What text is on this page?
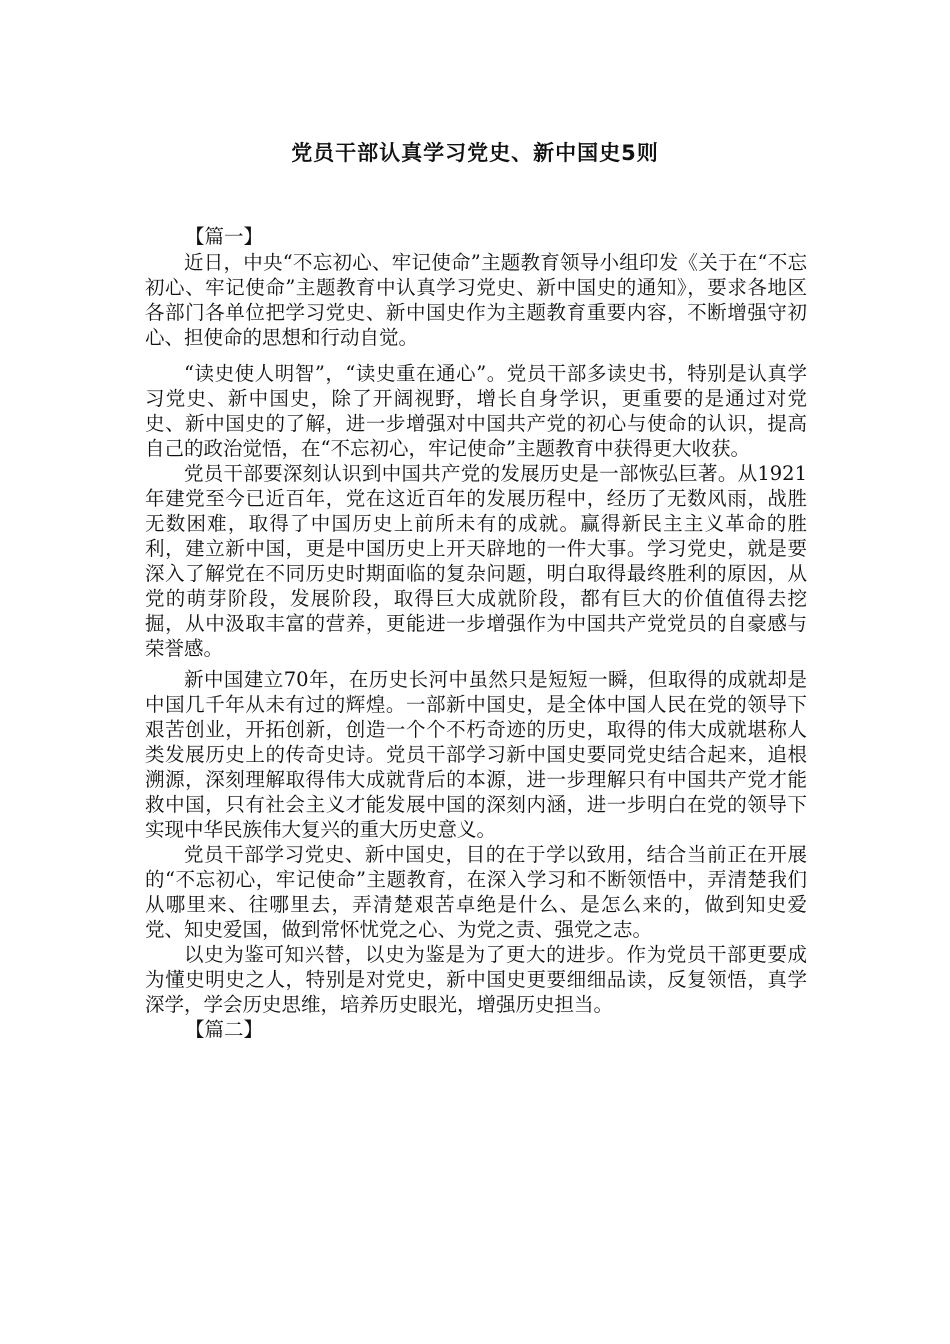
党员干部认真学习党史、新中国史5则
【篇一】

近日，中央“不忘初心、牢记使命”主题教育领导小组印发《关于在“不忘初心、牢记使命”主题教育中认真学习党史、新中国史的通知》，要求各地区各部门各单位把学习党史、新中国史作为主题教育重要内容，不断增强守初心、担使命的思想和行动自觉。

“读史使人明智”，“读史重在通心”。党员干部多读史书，特别是认真学习党史、新中国史，除了开阔视野，增长自身学识，更重要的是通过对党史、新中国史的了解，进一步增强对中国共产党的初心与使命的认识，提高自己的政治觉悟，在“不忘初心，牢记使命”主题教育中获得更大收获。

党员干部要深刻认识到中国共产党的发展历史是一部恢弘巨著。从1921年建党至今已近百年，党在这近百年的发展历程中，经历了无数风雨，战胜无数困难，取得了中国历史上前所未有的成就。赢得新民主主义革命的胜利，建立新中国，更是中国历史上开天辟地的一件大事。学习党史，就是要深入了解党在不同历史时期面临的复杂问题，明白取得最终胜利的原因，从党的萌芽阶段，发展阶段，取得巨大成就阶段，都有巨大的价值值得去挖掘，从中汲取丰富的营养，更能进一步增强作为中国共产党党员的自豪感与荣誉感。

新中国建立70年，在历史长河中虽然只是短短一瞬，但取得的成就却是中国几千年从未有过的辉煌。一部新中国史，是全体中国人民在党的领导下艰苦创业，开拓创新，创造一个个不朽奇迹的历史，取得的伟大成就堪称人类发展历史上的传奇史诗。党员干部学习新中国史要同党史结合起来，追根溯源，深刻理解取得伟大成就背后的本源，进一步理解只有中国共产党才能救中国，只有社会主义才能发展中国的深刻内涵，进一步明白在党的领导下实现中华民族伟大复兴的重大历史意义。

党员干部学习党史、新中国史，目的在于学以致用，结合当前正在开展的“不忘初心，牢记使命”主题教育，在深入学习和不断领悟中，弄清楚我们从哪里来、往哪里去，弄清楚艰苦卓绝是什么、是怎么来的，做到知史爱党、知史爱国，做到常怀忧党之心、为党之责、强党之志。

以史为鉴可知兴替，以史为鉴是为了更大的进步。作为党员干部更要成为懂史明史之人，特别是对党史，新中国史更要细细品读，反复领悟，真学深学，学会历史思维，培养历史眼光，增强历史担当。

【篇二】
